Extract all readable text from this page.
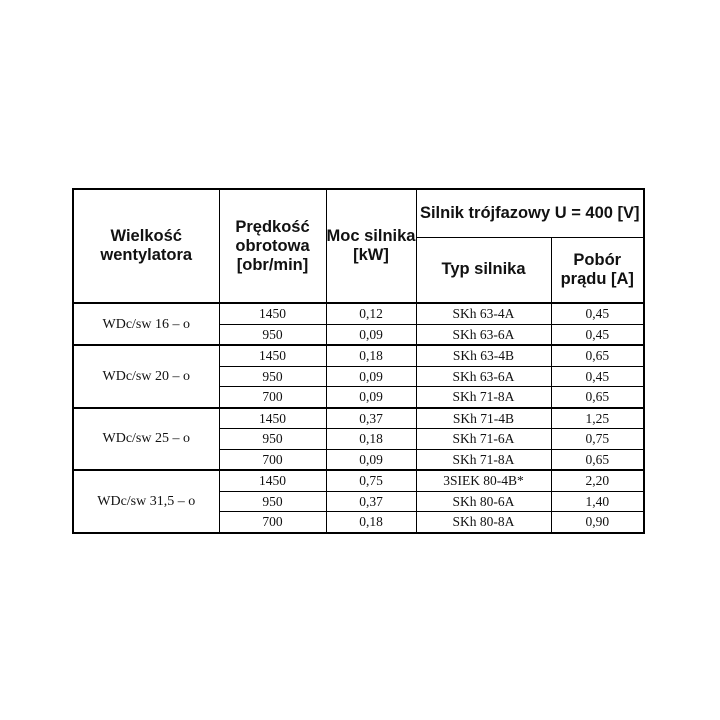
Wielkość wentylatora	Prędkość obrotowa [obr/min]	Moc silnika [kW]	Silnik trójfazowy U = 400 [V]	
			Typ silnika	Pobór prądu [A]
WDc/sw 16 – o	1450	0,12	SKh 63-4A	0,45
	950	0,09	SKh 63-6A	0,45
WDc/sw 20 – o	1450	0,18	SKh 63-4B	0,65
	950	0,09	SKh 63-6A	0,45
	700	0,09	SKh 71-8A	0,65
WDc/sw 25 – o	1450	0,37	SKh 71-4B	1,25
	950	0,18	SKh 71-6A	0,75
	700	0,09	SKh 71-8A	0,65
WDc/sw 31,5 – o	1450	0,75	3SIEK 80-4B*	2,20
	950	0,37	SKh 80-6A	1,40
	700	0,18	SKh 80-8A	0,90
